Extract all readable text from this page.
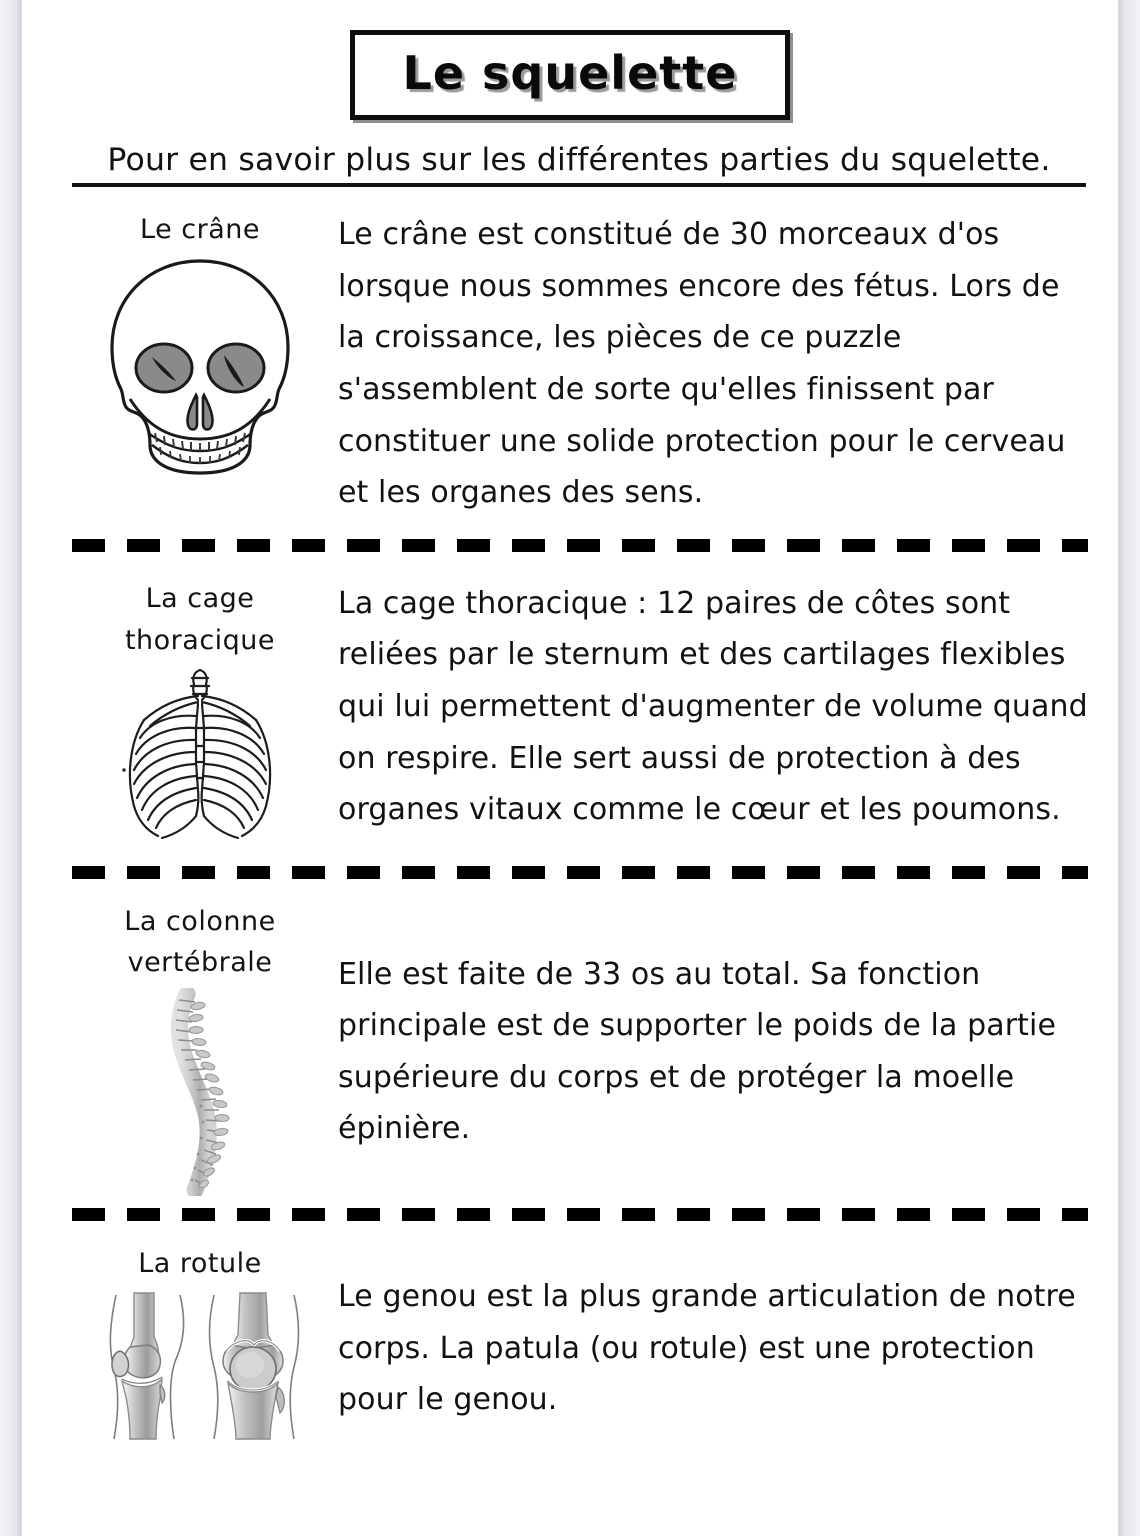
Le squelette
Pour en savoir plus sur les différentes parties du squelette.
Le crâne	Le crâne est constitué de 30 morceaux d'os lorsque nous sommes encore des fétus. Lors de la croissance, les pièces de ce puzzle s'assemblent de sorte qu'elles finissent par constituer une solide protection pour le cerveau et les organes des sens.

La cage
thoracique

La cage thoracique : 12 paires de côtes sont reliées par le sternum et des cartilages flexibles qui lui permettent d'augmenter de volume quand on respire. Elle sert aussi de protection à des organes vitaux comme le cœur et les poumons.

La colonne
vertébrale Elle est faite de 33 os au total. Sa fonction principale est de supporter le poids de la partie supérieure du corps et de protéger la moelle épinière.

La rotule

Le genou est la plus grande articulation de notre corps. La patula (ou rotule) est une protection pour le genou.
